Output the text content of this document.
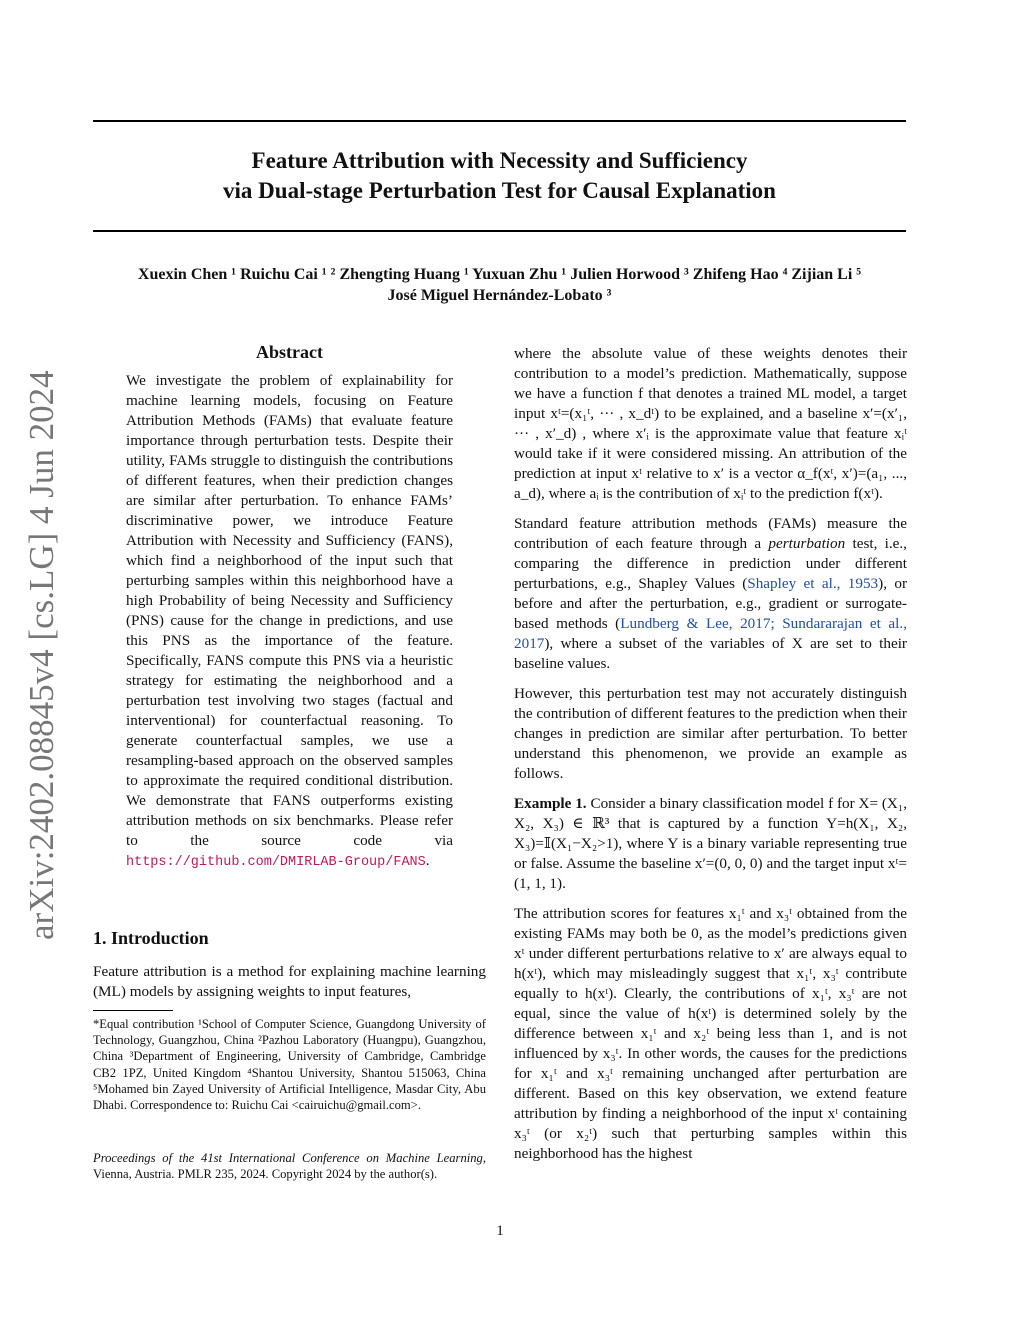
arXiv:2402.08845v4 [cs.LG] 4 Jun 2024
Feature Attribution with Necessity and Sufficiency
via Dual-stage Perturbation Test for Causal Explanation
Xuexin Chen ¹ Ruichu Cai ¹ ² Zhengting Huang ¹ Yuxuan Zhu ¹ Julien Horwood ³ Zhifeng Hao ⁴ Zijian Li ⁵
José Miguel Hernández-Lobato ³
Abstract
We investigate the problem of explainability for machine learning models, focusing on Feature Attribution Methods (FAMs) that evaluate feature importance through perturbation tests. Despite their utility, FAMs struggle to distinguish the contributions of different features, when their prediction changes are similar after perturbation. To enhance FAMs’ discriminative power, we introduce Feature Attribution with Necessity and Sufficiency (FANS), which find a neighborhood of the input such that perturbing samples within this neighborhood have a high Probability of being Necessity and Sufficiency (PNS) cause for the change in predictions, and use this PNS as the importance of the feature. Specifically, FANS compute this PNS via a heuristic strategy for estimating the neighborhood and a perturbation test involving two stages (factual and interventional) for counterfactual reasoning. To generate counterfactual samples, we use a resampling-based approach on the observed samples to approximate the required conditional distribution. We demonstrate that FANS outperforms existing attribution methods on six benchmarks. Please refer to the source code via https://github.com/DMIRLAB-Group/FANS.
1. Introduction
Feature attribution is a method for explaining machine learning (ML) models by assigning weights to input features,
*Equal contribution ¹School of Computer Science, Guangdong University of Technology, Guangzhou, China ²Pazhou Laboratory (Huangpu), Guangzhou, China ³Department of Engineering, University of Cambridge, Cambridge CB2 1PZ, United Kingdom ⁴Shantou University, Shantou 515063, China ⁵Mohamed bin Zayed University of Artificial Intelligence, Masdar City, Abu Dhabi. Correspondence to: Ruichu Cai <cairuichu@gmail.com>.
Proceedings of the 41st International Conference on Machine Learning, Vienna, Austria. PMLR 235, 2024. Copyright 2024 by the author(s).

where the absolute value of these weights denotes their contribution to a model’s prediction. Mathematically, suppose we have a function f that denotes a trained ML model, a target input xᵗ=(x₁ᵗ, ··· , x_dᵗ) to be explained, and a baseline x′=(x′₁, ··· , x′_d) , where x′ᵢ is the approximate value that feature xᵢᵗ would take if it were considered missing. An attribution of the prediction at input xᵗ relative to x′ is a vector α_f(xᵗ, x′)=(a₁, ..., a_d), where aᵢ is the contribution of xᵢᵗ to the prediction f(xᵗ).

Standard feature attribution methods (FAMs) measure the contribution of each feature through a perturbation test, i.e., comparing the difference in prediction under different perturbations, e.g., Shapley Values (Shapley et al., 1953), or before and after the perturbation, e.g., gradient or surrogate-based methods (Lundberg & Lee, 2017; Sundararajan et al., 2017), where a subset of the variables of X are set to their baseline values.

However, this perturbation test may not accurately distinguish the contribution of different features to the prediction when their changes in prediction are similar after perturbation. To better understand this phenomenon, we provide an example as follows.

Example 1. Consider a binary classification model f for X= (X₁, X₂, X₃) ∈ ℝ³ that is captured by a function Y=h(X₁, X₂, X₃)=𝕀(X₁−X₂>1), where Y is a binary variable representing true or false. Assume the baseline x′=(0, 0, 0) and the target input xᵗ=(1, 1, 1).

The attribution scores for features x₁ᵗ and x₃ᵗ obtained from the existing FAMs may both be 0, as the model’s predictions given xᵗ under different perturbations relative to x′ are always equal to h(xᵗ), which may misleadingly suggest that x₁ᵗ, x₃ᵗ contribute equally to h(xᵗ). Clearly, the contributions of x₁ᵗ, x₃ᵗ are not equal, since the value of h(xᵗ) is determined solely by the difference between x₁ᵗ and x₂ᵗ being less than 1, and is not influenced by x₃ᵗ. In other words, the causes for the predictions for x₁ᵗ and x₃ᵗ remaining unchanged after perturbation are different. Based on this key observation, we extend feature attribution by finding a neighborhood of the input xᵗ containing x₃ᵗ (or x₂ᵗ) such that perturbing samples within this neighborhood has the highest

1
